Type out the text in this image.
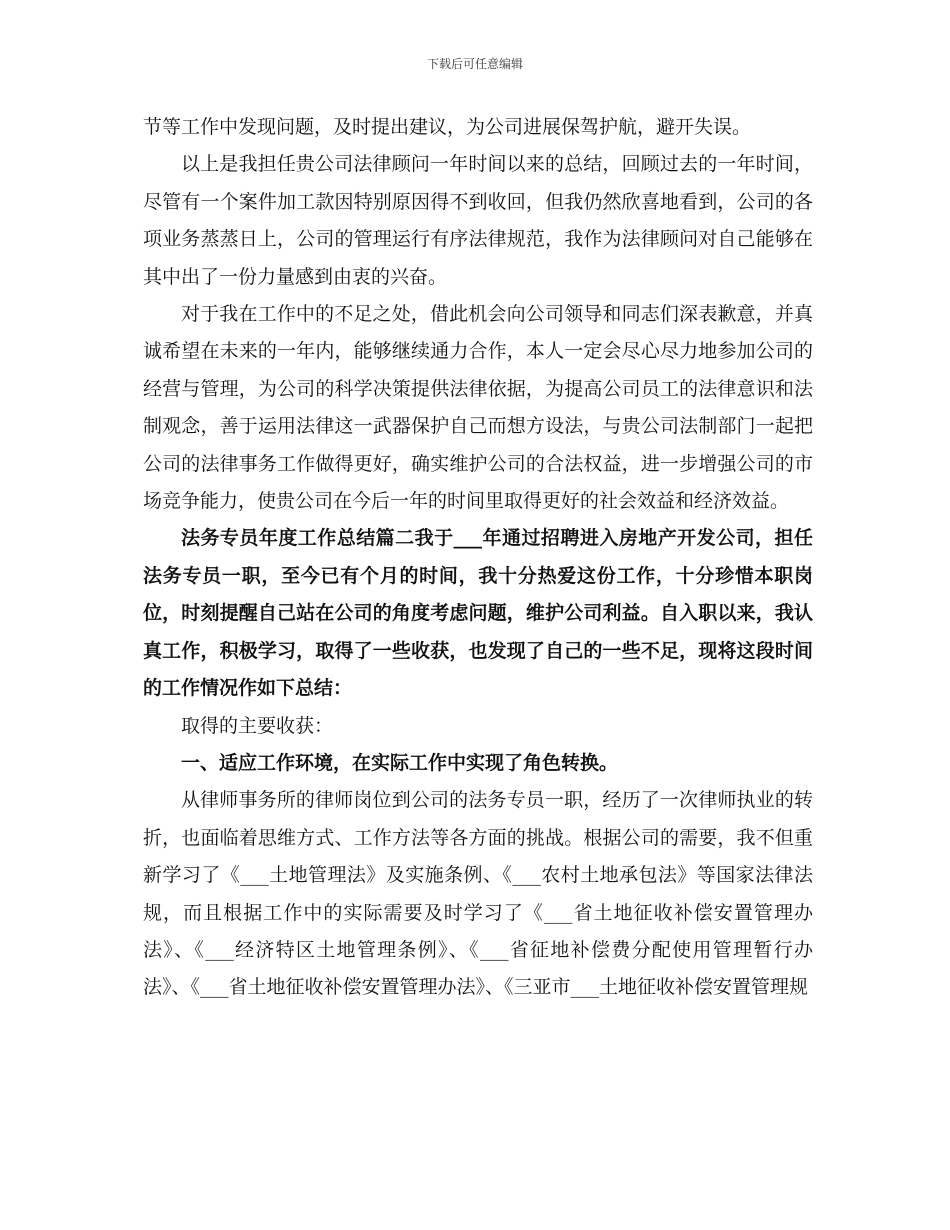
下载后可任意编辑

节等工作中发现问题，及时提出建议，为公司进展保驾护航，避开失误。

以上是我担任贵公司法律顾问一年时间以来的总结，回顾过去的一年时间，尽管有一个案件加工款因特别原因得不到收回，但我仍然欣喜地看到，公司的各项业务蒸蒸日上，公司的管理运行有序法律规范，我作为法律顾问对自己能够在其中出了一份力量感到由衷的兴奋。

对于我在工作中的不足之处，借此机会向公司领导和同志们深表歉意，并真诚希望在未来的一年内，能够继续通力合作，本人一定会尽心尽力地参加公司的经营与管理，为公司的科学决策提供法律依据，为提高公司员工的法律意识和法制观念，善于运用法律这一武器保护自己而想方设法，与贵公司法制部门一起把公司的法律事务工作做得更好，确实维护公司的合法权益，进一步增强公司的市场竞争能力，使贵公司在今后一年的时间里取得更好的社会效益和经济效益。

法务专员年度工作总结篇二我于___年通过招聘进入房地产开发公司，担任法务专员一职，至今已有个月的时间，我十分热爱这份工作，十分珍惜本职岗位，时刻提醒自己站在公司的角度考虑问题，维护公司利益。自入职以来，我认真工作，积极学习，取得了一些收获，也发现了自己的一些不足，现将这段时间的工作情况作如下总结：

取得的主要收获：

一、适应工作环境，在实际工作中实现了角色转换。

从律师事务所的律师岗位到公司的法务专员一职，经历了一次律师执业的转折，也面临着思维方式、工作方法等各方面的挑战。根据公司的需要，我不但重新学习了《___土地管理法》及实施条例、《___农村土地承包法》等国家法律法规，而且根据工作中的实际需要及时学习了《___省土地征收补偿安置管理办法》、《___经济特区土地管理条例》、《___省征地补偿费分配使用管理暂行办法》、《___省土地征收补偿安置管理办法》、《三亚市___土地征收补偿安置管理规
